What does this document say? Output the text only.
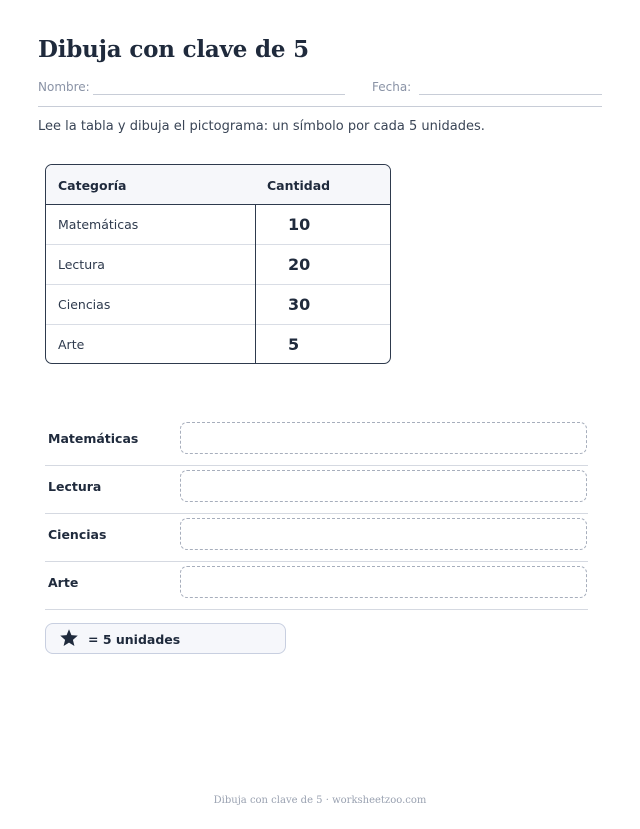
Dibuja con clave de 5
Nombre:	Fecha:
Lee la tabla y dibuja el pictograma: un símbolo por cada 5 unidades.
Categoría	Cantidad
Matemáticas	10
Lectura	20
Ciencias	30
Arte	5
Matemáticas
Lectura
Ciencias
Arte
= 5 unidades
Dibuja con clave de 5 · worksheetzoo.com
